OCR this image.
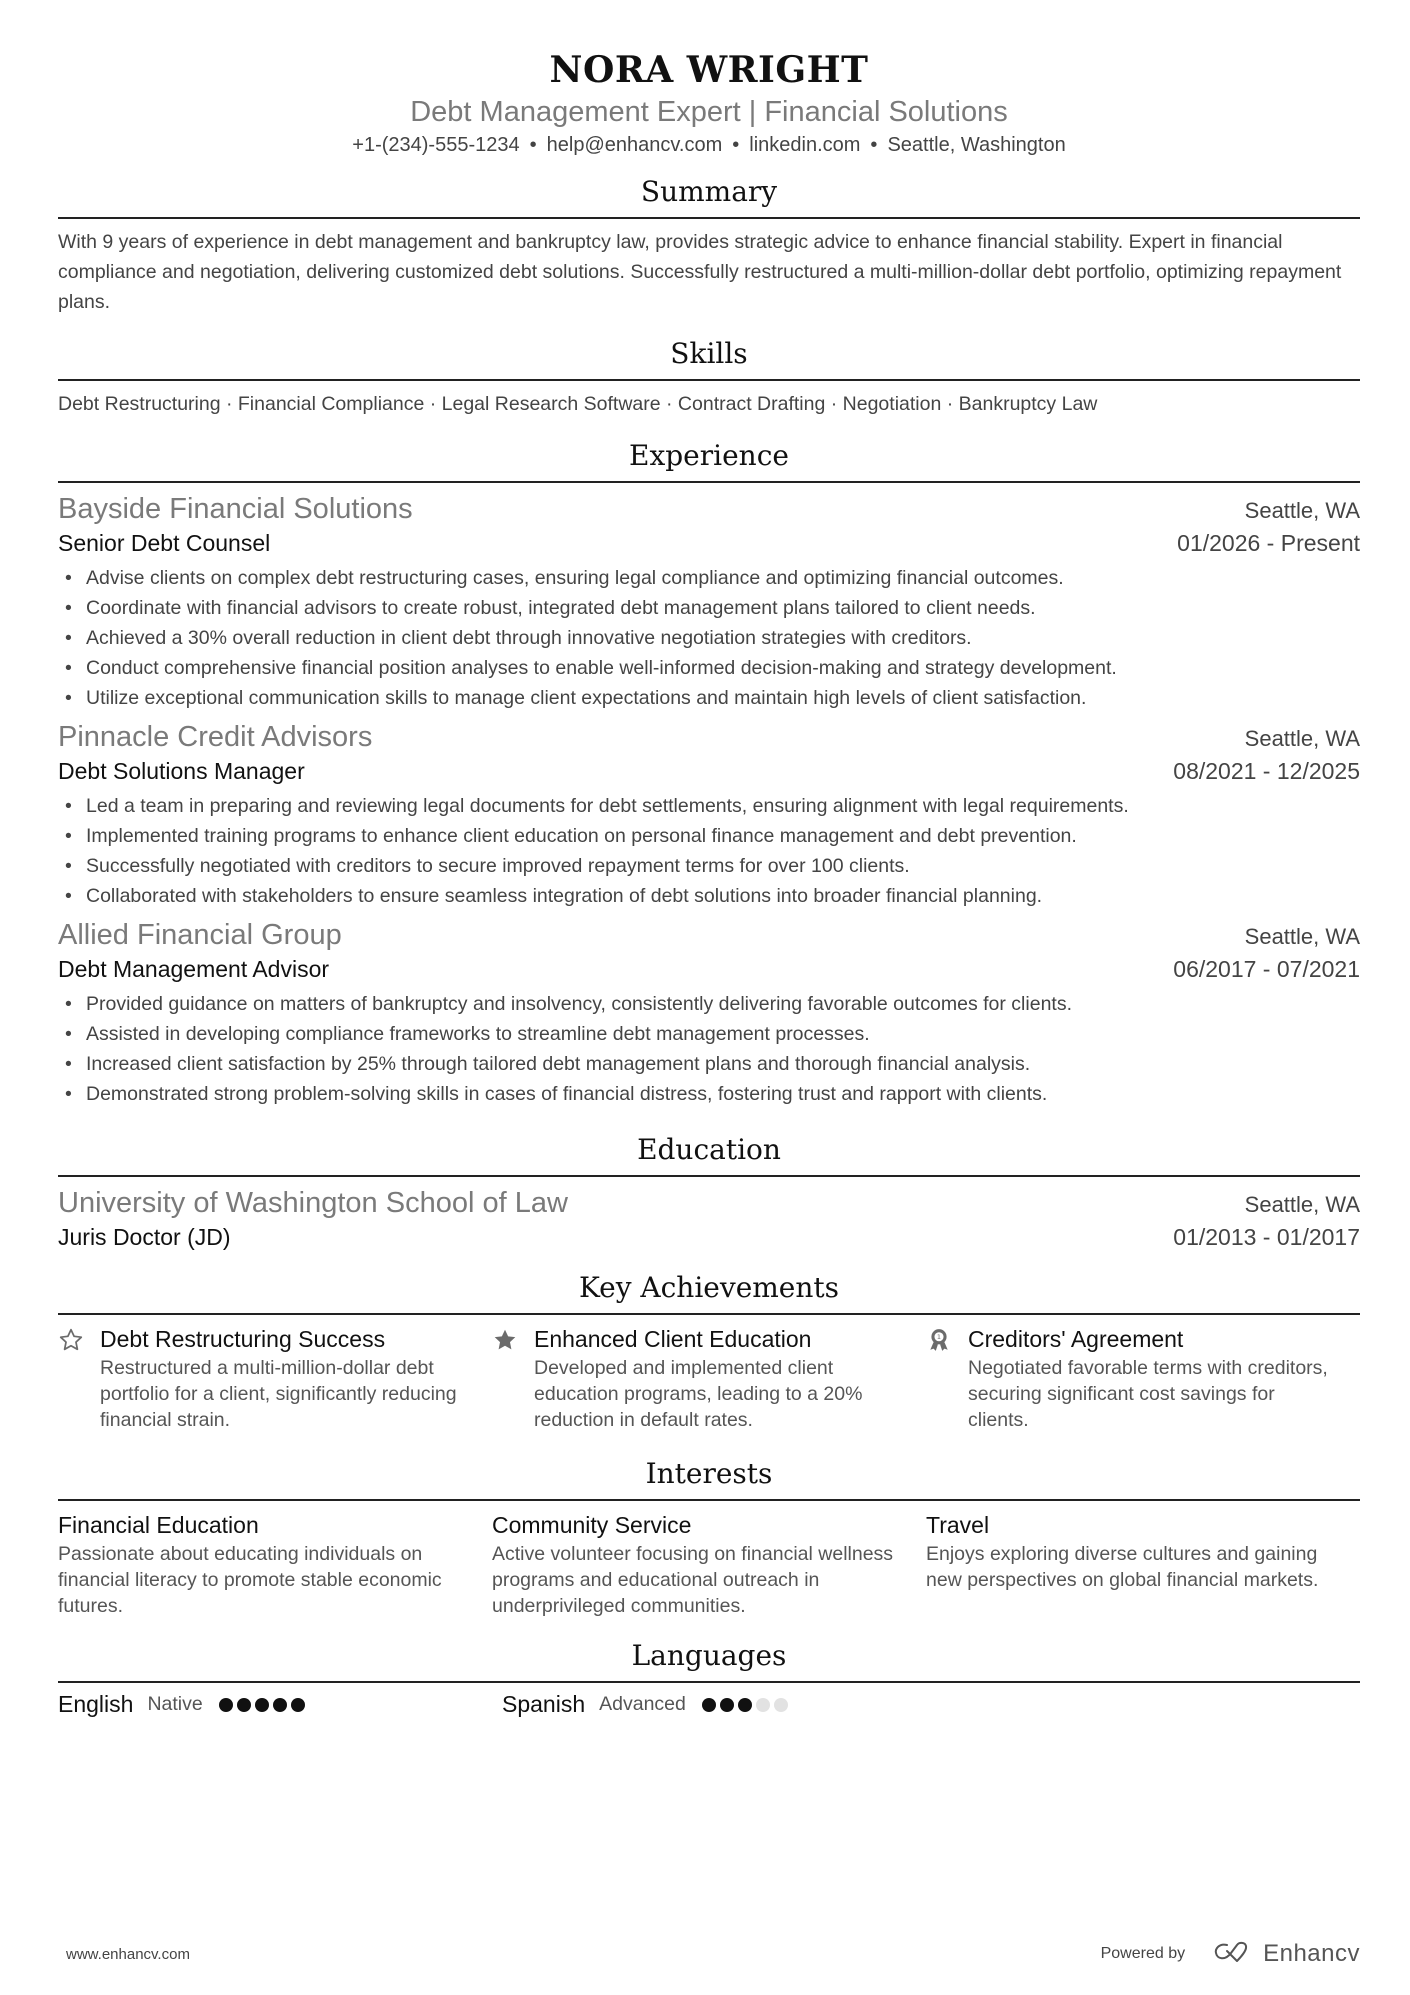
NORA WRIGHT
Debt Management Expert | Financial Solutions
+1-(234)-555-1234 • help@enhancv.com • linkedin.com • Seattle, Washington
Summary

With 9 years of experience in debt management and bankruptcy law, provides strategic advice to enhance financial stability. Expert in financial compliance and negotiation, delivering customized debt solutions. Successfully restructured a multi-million-dollar debt portfolio, optimizing repayment plans.

Skills

Debt Restructuring · Financial Compliance · Legal Research Software · Contract Drafting · Negotiation · Bankruptcy Law

Experience
Bayside Financial Solutions	Seattle, WA
Senior Debt Counsel	01/2026 - Present
• Advise clients on complex debt restructuring cases, ensuring legal compliance and optimizing financial outcomes.
• Coordinate with financial advisors to create robust, integrated debt management plans tailored to client needs.
• Achieved a 30% overall reduction in client debt through innovative negotiation strategies with creditors.
• Conduct comprehensive financial position analyses to enable well-informed decision-making and strategy development.
• Utilize exceptional communication skills to manage client expectations and maintain high levels of client satisfaction.
Pinnacle Credit Advisors	Seattle, WA
Debt Solutions Manager	08/2021 - 12/2025
• Led a team in preparing and reviewing legal documents for debt settlements, ensuring alignment with legal requirements.
• Implemented training programs to enhance client education on personal finance management and debt prevention.
• Successfully negotiated with creditors to secure improved repayment terms for over 100 clients.
• Collaborated with stakeholders to ensure seamless integration of debt solutions into broader financial planning.
Allied Financial Group	Seattle, WA
Debt Management Advisor	06/2017 - 07/2021
• Provided guidance on matters of bankruptcy and insolvency, consistently delivering favorable outcomes for clients.
• Assisted in developing compliance frameworks to streamline debt management processes.
• Increased client satisfaction by 25% through tailored debt management plans and thorough financial analysis.
• Demonstrated strong problem-solving skills in cases of financial distress, fostering trust and rapport with clients.
Education
University of Washington School of Law	Seattle, WA
Juris Doctor (JD)	01/2013 - 01/2017
Key Achievements
Debt Restructuring Success

Restructured a multi-million-dollar debt portfolio for a client, significantly reducing financial strain.

Enhanced Client Education

Developed and implemented client education programs, leading to a 20% reduction in default rates.

1 Creditors' Agreement

Negotiated favorable terms with creditors, securing significant cost savings for clients.

Interests
Financial Education

Passionate about educating individuals on financial literacy to promote stable economic futures.

Community Service

Active volunteer focusing on financial wellness programs and educational outreach in underprivileged communities.

Travel

Enjoys exploring diverse cultures and gaining new perspectives on global financial markets.

Languages
English Native	Spanish Advanced
www.enhancv.com	Powered by	Enhancv
